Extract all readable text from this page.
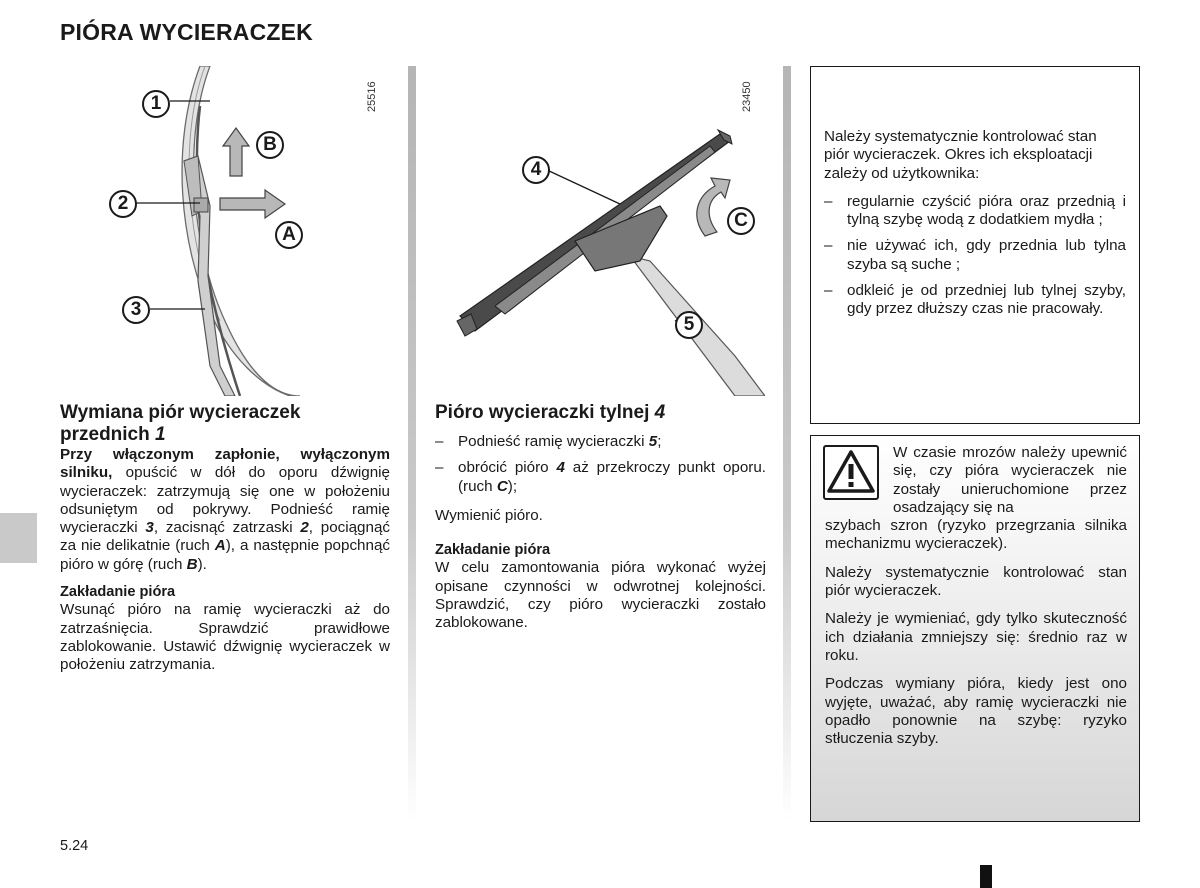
PIÓRA WYCIERACZEK
1
2
3
B
A
25516
4
5
C
23450
Wymiana piór wycieraczek
przednich 1

Przy włączonym zapłonie, wyłączonym silniku, opuścić w dół do oporu dźwignię wycieraczek: zatrzymują się one w położeniu odsuniętym od pokrywy. Podnieść ramię wycieraczki 3, zacisnąć zatrzaski 2, pociągnąć za nie delikatnie (ruch A), a następnie popchnąć pióro w górę (ruch B).

Zakładanie pióra

Wsunąć pióro na ramię wycieraczki aż do zatrzaśnięcia. Sprawdzić prawidłowe zablokowanie. Ustawić dźwignię wycieraczek w położeniu zatrzymania.

Pióro wycieraczki tylnej 4
– Podnieść ramię wycieraczki 5;
– obrócić pióro 4 aż przekroczy punkt oporu. (ruch C);

Wymienić pióro.

Zakładanie pióra

W celu zamontowania pióra wykonać wyżej opisane czynności w odwrotnej kolejności. Sprawdzić, czy pióro wycieraczki zostało zablokowane.

Należy systematycznie kontrolować stan piór wycieraczek. Okres ich eksploatacji zależy od użytkownika:

– regularnie czyścić pióra oraz przednią i tylną szybę wodą z dodatkiem mydła ;
– nie używać ich, gdy przednia lub tylna szyba są suche ;
– odkleić je od przedniej lub tylnej szyby, gdy przez dłuższy czas nie pracowały.

W czasie mrozów należy upewnić się, czy pióra wycieraczek nie zostały unieruchomione przez osadzający się na

szybach szron (ryzyko przegrzania silnika mechanizmu wycieraczek).

Należy systematycznie kontrolować stan piór wycieraczek.

Należy je wymieniać, gdy tylko skuteczność ich działania zmniejszy się: średnio raz w roku.

Podczas wymiany pióra, kiedy jest ono wyjęte, uważać, aby ramię wycieraczki nie opadło ponownie na szybę: ryzyko stłuczenia szyby.

5.24
